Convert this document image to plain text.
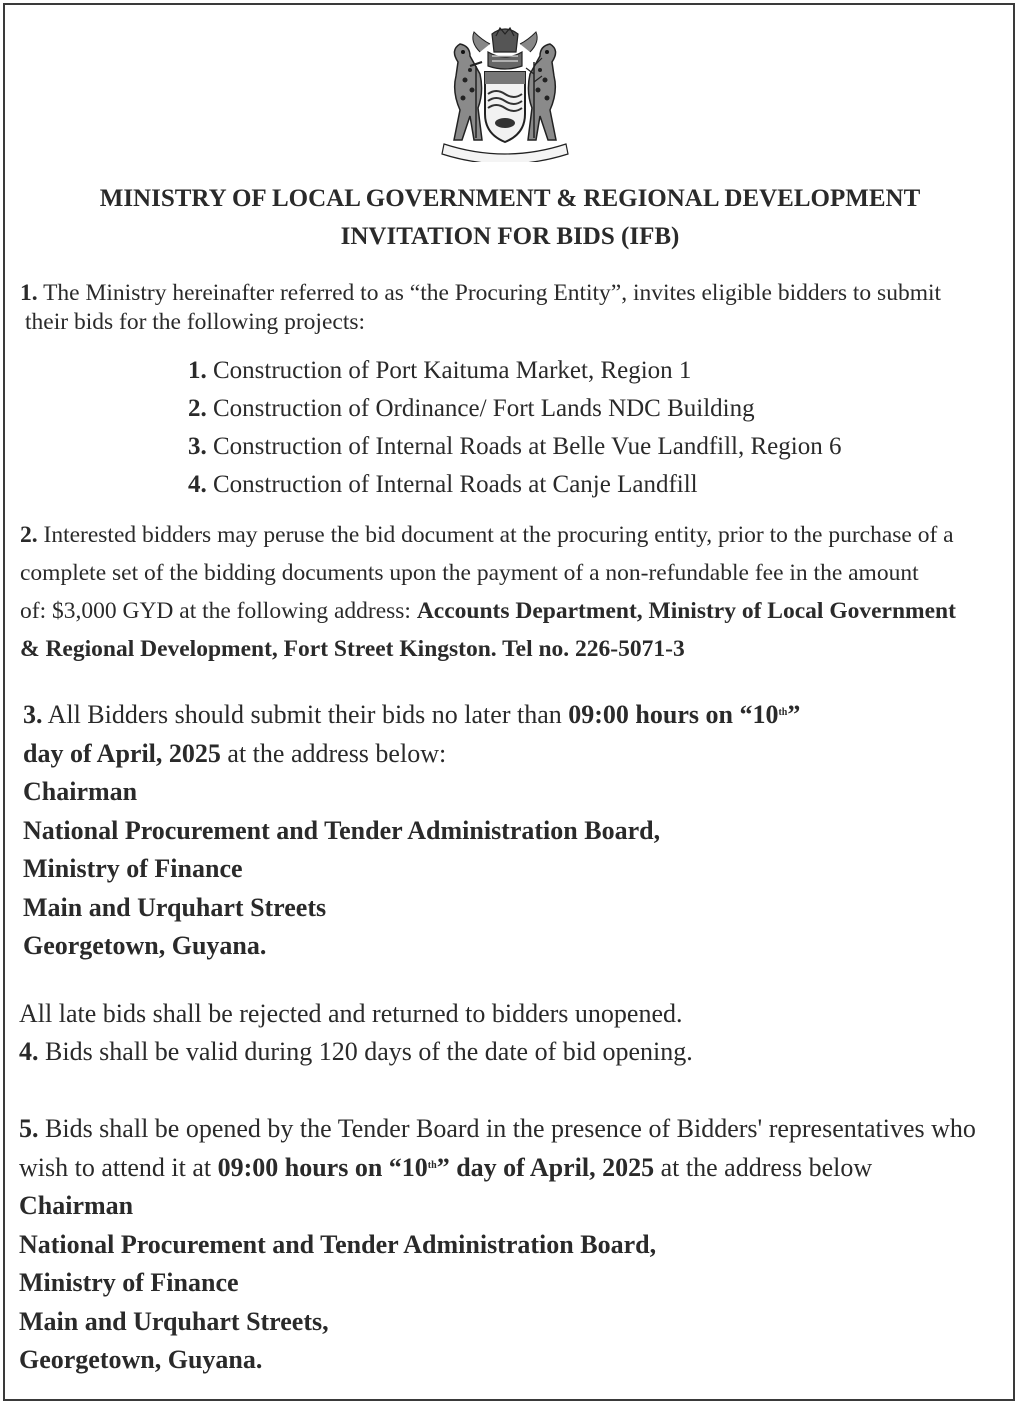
MINISTRY OF LOCAL GOVERNMENT & REGIONAL DEVELOPMENT
INVITATION FOR BIDS (IFB)
1. The Ministry hereinafter referred to as “the Procuring Entity”, invites eligible bidders to submit
their bids for the following projects:
1. Construction of Port Kaituma Market, Region 1
2. Construction of Ordinance/ Fort Lands NDC Building
3. Construction of Internal Roads at Belle Vue Landfill, Region 6
4. Construction of Internal Roads at Canje Landfill
2. Interested bidders may peruse the bid document at the procuring entity, prior to the purchase of a
complete set of the bidding documents upon the payment of a non-refundable fee in the amount
of: $3,000 GYD at the following address: Accounts Department, Ministry of Local Government
& Regional Development, Fort Street Kingston. Tel no. 226-5071-3
3. All Bidders should submit their bids no later than 09:00 hours on “10th”
day of April, 2025 at the address below:
Chairman
National Procurement and Tender Administration Board,
Ministry of Finance
Main and Urquhart Streets
Georgetown, Guyana.
All late bids shall be rejected and returned to bidders unopened.
4. Bids shall be valid during 120 days of the date of bid opening.
5. Bids shall be opened by the Tender Board in the presence of Bidders' representatives who
wish to attend it at 09:00 hours on “10th” day of April, 2025 at the address below
Chairman
National Procurement and Tender Administration Board,
Ministry of Finance
Main and Urquhart Streets,
Georgetown, Guyana.
